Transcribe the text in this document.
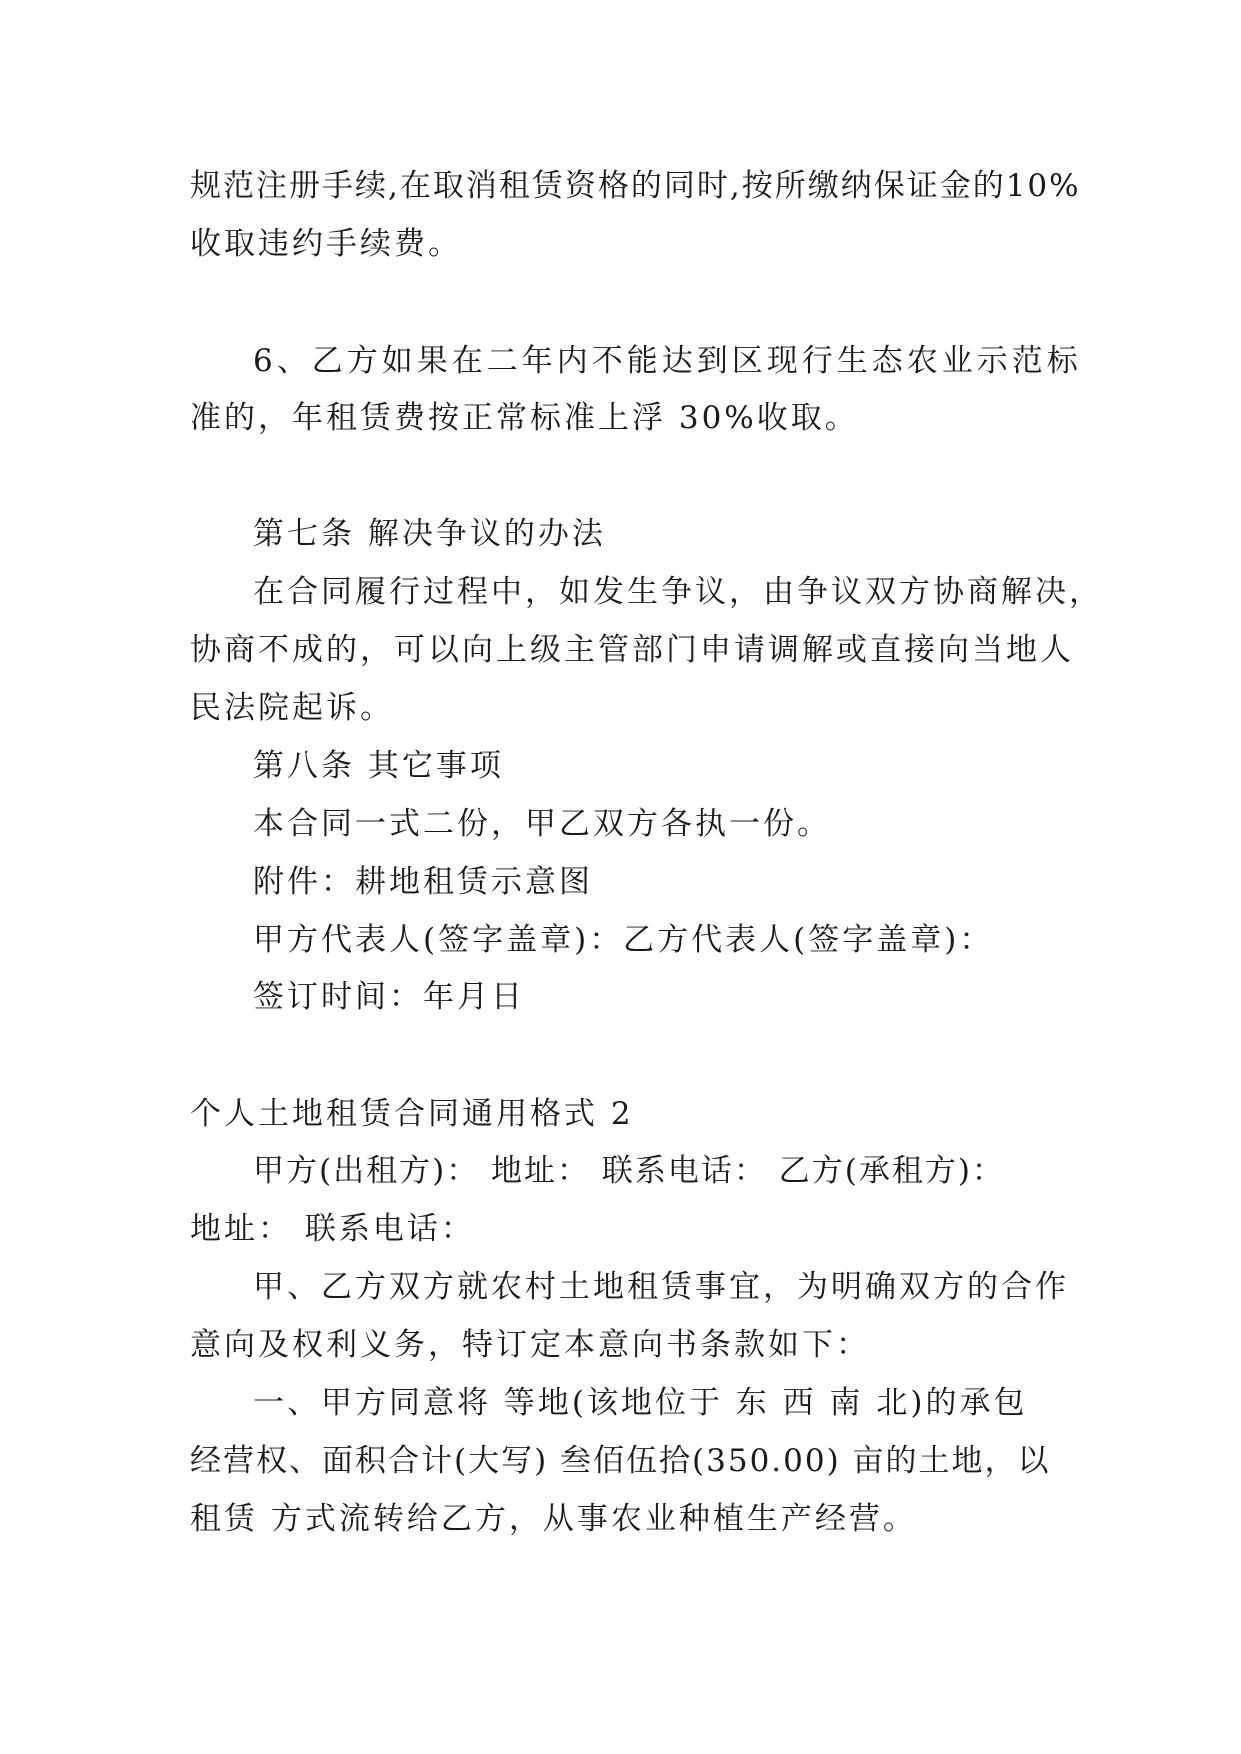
规范注册手续,在取消租赁资格的同时,按所缴纳保证金的10%
收取违约手续费。
6、乙方如果在二年内不能达到区现行生态农业示范标
准的，年租赁费按正常标准上浮 30%收取。
第七条 解决争议的办法
在合同履行过程中，如发生争议，由争议双方协商解决，
协商不成的，可以向上级主管部门申请调解或直接向当地人
民法院起诉。
第八条 其它事项
本合同一式二份，甲乙双方各执一份。
附件：耕地租赁示意图
甲方代表人(签字盖章)：乙方代表人(签字盖章)：
签订时间：年月日
个人土地租赁合同通用格式 2
甲方(出租方)： 地址： 联系电话： 乙方(承租方)：
地址： 联系电话：
甲、乙方双方就农村土地租赁事宜，为明确双方的合作
意向及权利义务，特订定本意向书条款如下：
一、甲方同意将 等地(该地位于 东 西 南 北)的承包
经营权、面积合计(大写) 叁佰伍拾(350.00) 亩的土地，以
租赁 方式流转给乙方，从事农业种植生产经营。
